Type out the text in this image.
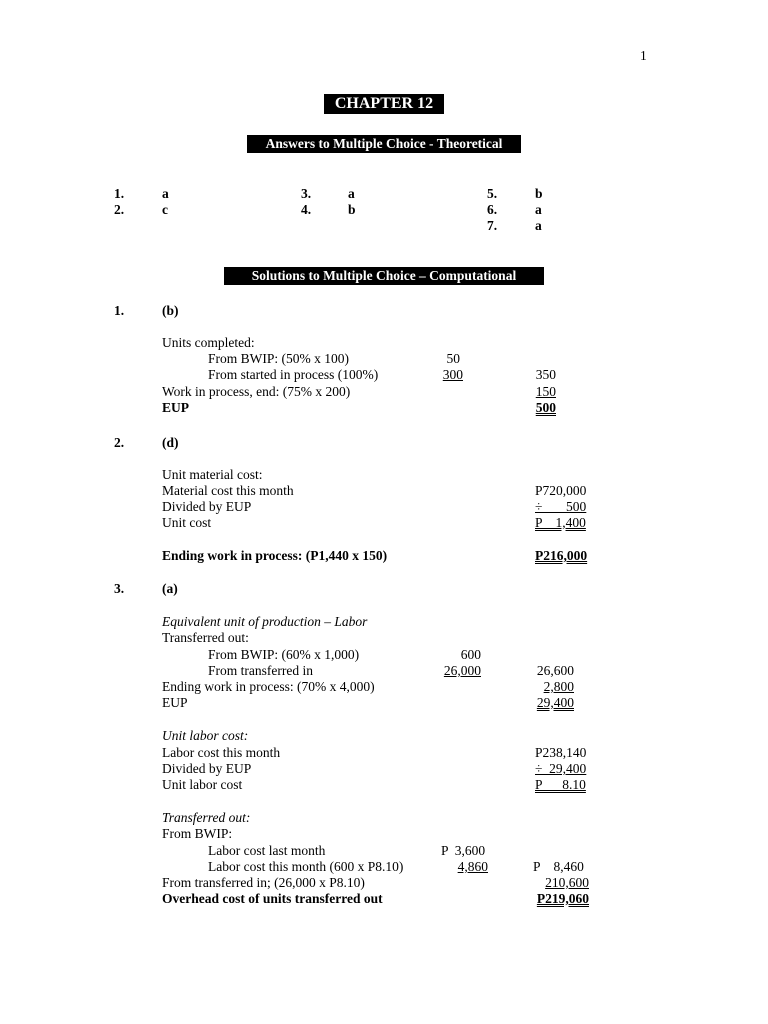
1
CHAPTER 12
Answers to Multiple Choice - Theoretical
1.	a
2.	c
3.	a
4.	b
5.	b
6.	a
7.	a
Solutions to Multiple Choice – Computational
1.	(b)
Units completed:
From BWIP: (50% x 100)	50
From started in process (100%)	300	350
Work in process, end: (75% x 200)	150
EUP	500
2.	(d)
Unit material cost:
Material cost this month	P720,000
Divided by EUP	÷       500
Unit cost	P    1,400
Ending work in process: (P1,440 x 150)	P216,000
3.	(a)
Equivalent unit of production – Labor
Transferred out:
From BWIP: (60% x 1,000)	600
From transferred in	26,000	26,600
Ending work in process: (70% x 4,000)	2,800
EUP	29,400
Unit labor cost:
Labor cost this month	P238,140
Divided by EUP	÷  29,400
Unit labor cost	P      8.10
Transferred out:
From BWIP:
Labor cost last month	P  3,600
Labor cost this month (600 x P8.10)	4,860	P    8,460
From transferred in; (26,000 x P8.10)	210,600
Overhead cost of units transferred out	P219,060
